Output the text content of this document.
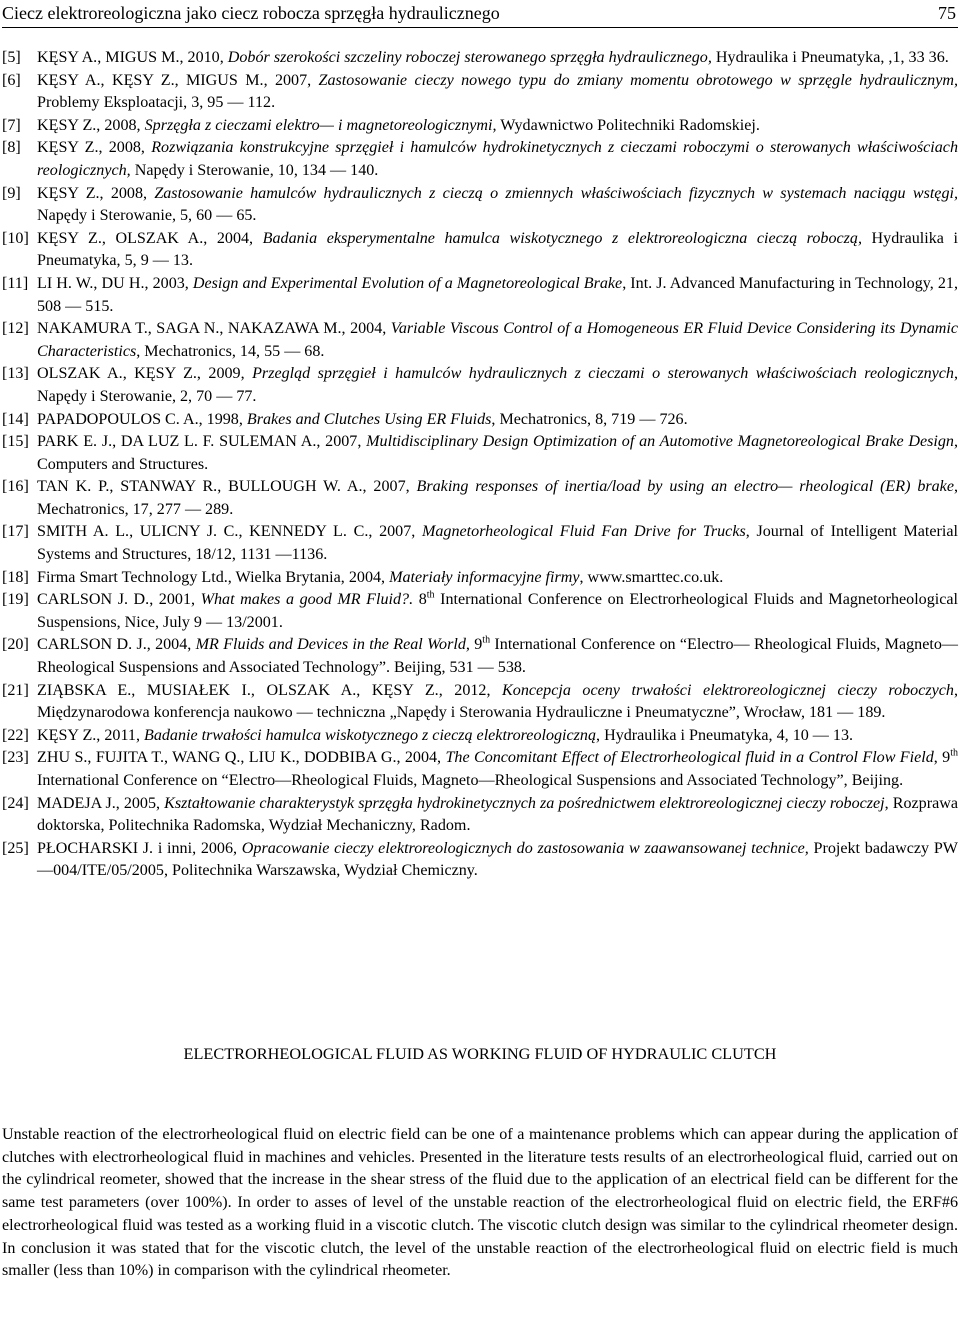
Ciecz elektroreologiczna jako ciecz robocza sprzęgła hydraulicznego	75

[5] KĘSY A., MIGUS M., 2010, Dobór szerokości szczeliny roboczej sterowanego sprzęgła hydraulicznego, Hydraulika i Pneumatyka, ,1, 33 36.

[6] KĘSY A., KĘSY Z., MIGUS M., 2007, Zastosowanie cieczy nowego typu do zmiany momentu obrotowego w sprzęgle hydraulicznym, Problemy Eksploatacji, 3, 95 — 112.

[7] KĘSY Z., 2008, Sprzęgła z cieczami elektro— i magnetoreologicznymi, Wydawnictwo Politechniki Radomskiej.

[8] KĘSY Z., 2008, Rozwiązania konstrukcyjne sprzęgieł i hamulców hydrokinetycznych z cieczami roboczymi o sterowanych właściwościach reologicznych, Napędy i Sterowanie, 10, 134 — 140.

[9] KĘSY Z., 2008, Zastosowanie hamulców hydraulicznych z cieczą o zmiennych właściwościach fizycznych w systemach naciągu wstęgi, Napędy i Sterowanie, 5, 60 — 65.

[10] KĘSY Z., OLSZAK A., 2004, Badania eksperymentalne hamulca wiskotycznego z elektroreologiczna cieczą roboczą, Hydraulika i Pneumatyka, 5, 9 — 13.

[11] LI H. W., DU H., 2003, Design and Experimental Evolution of a Magnetoreological Brake, Int. J. Advanced Manufacturing in Technology, 21, 508 — 515.

[12] NAKAMURA T., SAGA N., NAKAZAWA M., 2004, Variable Viscous Control of a Homogeneous ER Fluid Device Considering its Dynamic Characteristics, Mechatronics, 14, 55 — 68.

[13] OLSZAK A., KĘSY Z., 2009, Przegląd sprzęgieł i hamulców hydraulicznych z cieczami o sterowanych właściwościach reologicznych, Napędy i Sterowanie, 2, 70 — 77.

[14] PAPADOPOULOS C. A., 1998, Brakes and Clutches Using ER Fluids, Mechatronics, 8, 719 — 726.

[15] PARK E. J., DA LUZ L. F. SULEMAN A., 2007, Multidisciplinary Design Optimization of an Automotive Magnetoreological Brake Design, Computers and Structures.

[16] TAN K. P., STANWAY R., BULLOUGH W. A., 2007, Braking responses of inertia/load by using an electro— rheological (ER) brake, Mechatronics, 17, 277 — 289.

[17] SMITH A. L., ULICNY J. C., KENNEDY L. C., 2007, Magnetorheological Fluid Fan Drive for Trucks, Journal of Intelligent Material Systems and Structures, 18/12, 1131 —1136.

[18] Firma Smart Technology Ltd., Wielka Brytania, 2004, Materiały informacyjne firmy, www.smarttec.co.uk.

[19] CARLSON J. D., 2001, What makes a good MR Fluid?. 8th International Conference on Electrorheological Fluids and Magnetorheological Suspensions, Nice, July 9 — 13/2001.

[20] CARLSON D. J., 2004, MR Fluids and Devices in the Real World, 9th International Conference on “Electro— Rheological Fluids, Magneto—Rheological Suspensions and Associated Technology”. Beijing, 531 — 538.

[21] ZIĄBSKA E., MUSIAŁEK I., OLSZAK A., KĘSY Z., 2012, Koncepcja oceny trwałości elektroreologicznej cieczy roboczych, Międzynarodowa konferencja naukowo — techniczna „Napędy i Sterowania Hydrauliczne i Pneumatyczne”, Wrocław, 181 — 189.

[22] KĘSY Z., 2011, Badanie trwałości hamulca wiskotycznego z cieczą elektroreologiczną, Hydraulika i Pneumatyka, 4, 10 — 13.

[23] ZHU S., FUJITA T., WANG Q., LIU K., DODBIBA G., 2004, The Concomitant Effect of Electrorheological fluid in a Control Flow Field, 9th International Conference on “Electro—Rheological Fluids, Magneto—Rheological Suspensions and Associated Technology”, Beijing.

[24] MADEJA J., 2005, Kształtowanie charakterystyk sprzęgła hydrokinetycznych za pośrednictwem elektroreologicznej cieczy roboczej, Rozprawa doktorska, Politechnika Radomska, Wydział Mechaniczny, Radom.

[25] PŁOCHARSKI J. i inni, 2006, Opracowanie cieczy elektroreologicznych do zastosowania w zaawansowanej technice, Projekt badawczy PW—004/ITE/05/2005, Politechnika Warszawska, Wydział Chemiczny.

ELECTRORHEOLOGICAL FLUID AS WORKING FLUID OF HYDRAULIC CLUTCH

Unstable reaction of the electrorheological fluid on electric field can be one of a maintenance problems which can appear during the application of clutches with electrorheological fluid in machines and vehicles. Presented in the literature tests results of an electrorheological fluid, carried out on the cylindrical reometer, showed that the increase in the shear stress of the fluid due to the application of an electrical field can be different for the same test parameters (over 100%). In order to asses of level of the unstable reaction of the electrorheological fluid on electric field, the ERF#6 electrorheological fluid was tested as a working fluid in a viscotic clutch. The viscotic clutch design was similar to the cylindrical rheometer design. In conclusion it was stated that for the viscotic clutch, the level of the unstable reaction of the electrorheological fluid on electric field is much smaller (less than 10%) in comparison with the cylindrical rheometer.
